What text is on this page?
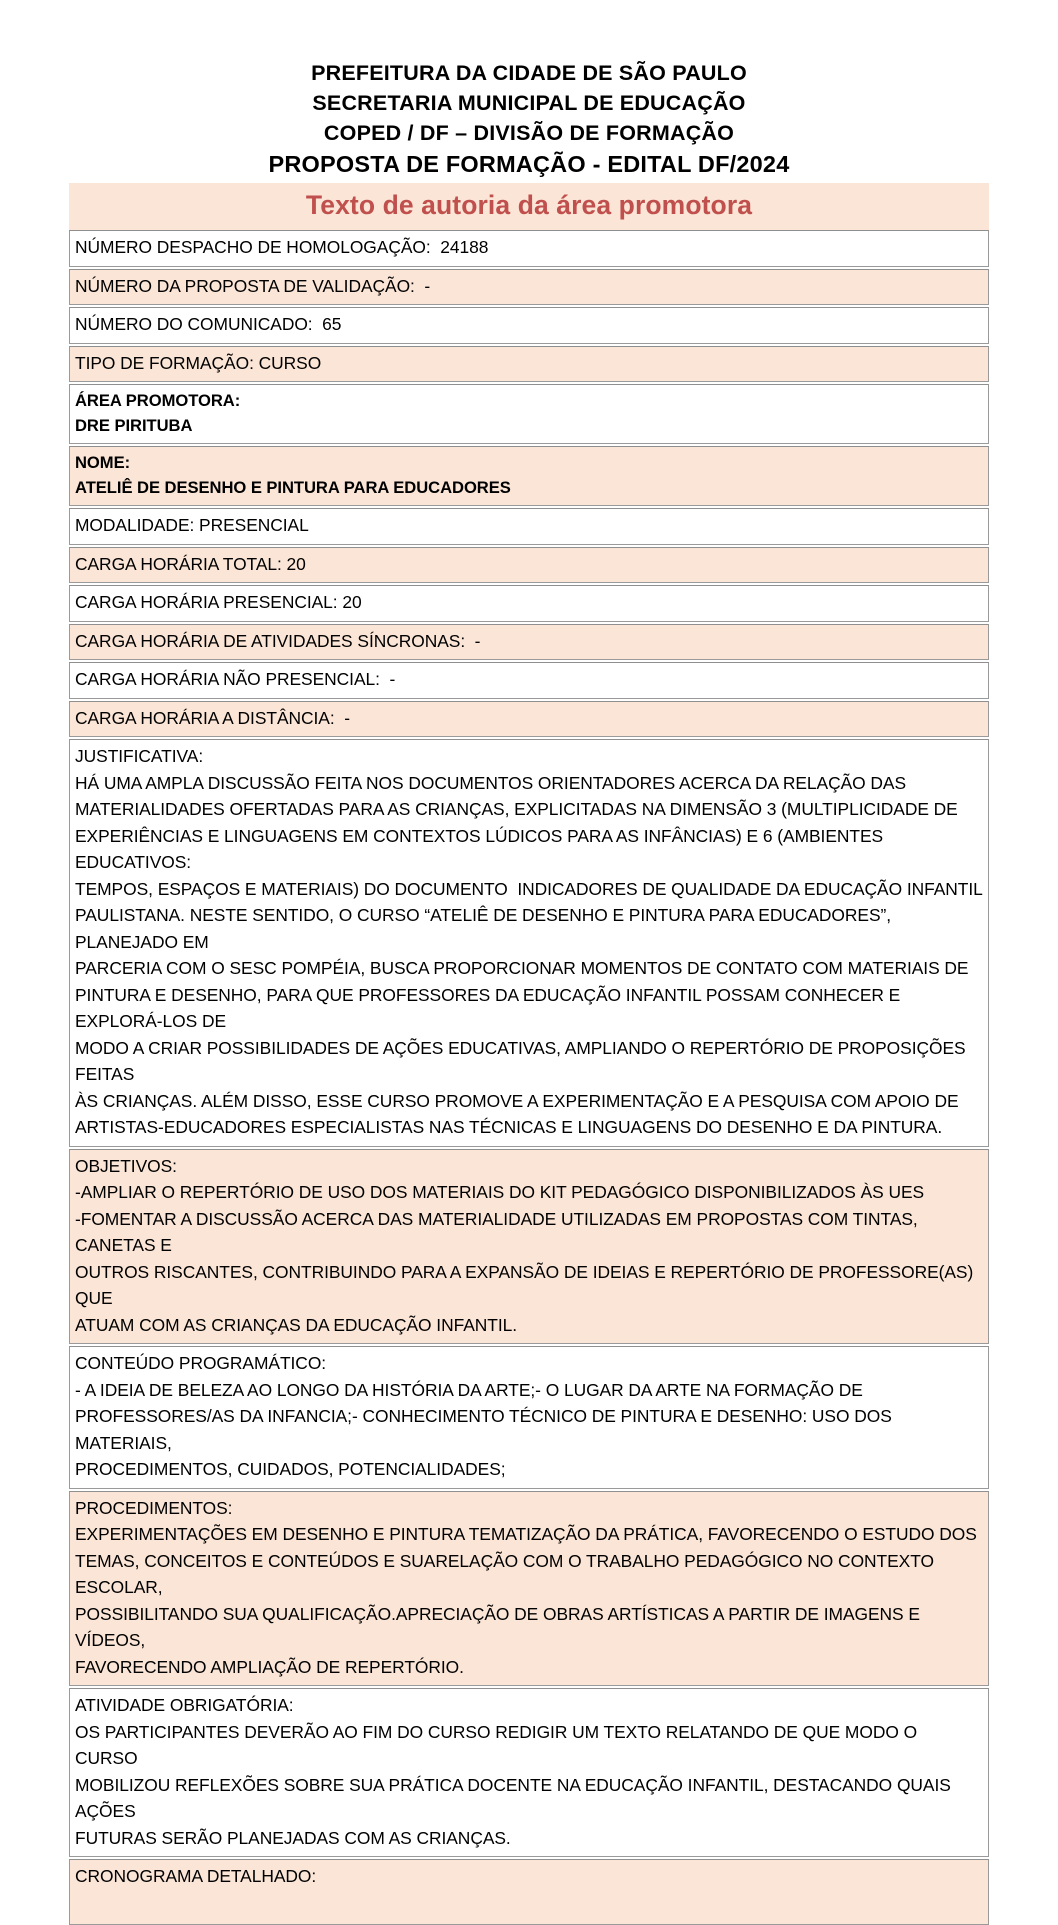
PREFEITURA DA CIDADE DE SÃO PAULO
SECRETARIA MUNICIPAL DE EDUCAÇÃO
COPED / DF – DIVISÃO DE FORMAÇÃO
PROPOSTA DE FORMAÇÃO - EDITAL DF/2024
Texto de autoria da área promotora
NÚMERO DESPACHO DE HOMOLOGAÇÃO:  24188
NÚMERO DA PROPOSTA DE VALIDAÇÃO:  -
NÚMERO DO COMUNICADO:  65
TIPO DE FORMAÇÃO: CURSO
ÁREA PROMOTORA:
DRE PIRITUBA
NOME:
ATELIÊ DE DESENHO E PINTURA PARA EDUCADORES
MODALIDADE: PRESENCIAL
CARGA HORÁRIA TOTAL: 20
CARGA HORÁRIA PRESENCIAL: 20
CARGA HORÁRIA DE ATIVIDADES SÍNCRONAS:  -
CARGA HORÁRIA NÃO PRESENCIAL:  -
CARGA HORÁRIA A DISTÂNCIA:  -
JUSTIFICATIVA:
HÁ UMA AMPLA DISCUSSÃO FEITA NOS DOCUMENTOS ORIENTADORES ACERCA DA RELAÇÃO DAS
MATERIALIDADES OFERTADAS PARA AS CRIANÇAS, EXPLICITADAS NA DIMENSÃO 3 (MULTIPLICIDADE DE
EXPERIÊNCIAS E LINGUAGENS EM CONTEXTOS LÚDICOS PARA AS INFÂNCIAS) E 6 (AMBIENTES EDUCATIVOS:
TEMPOS, ESPAÇOS E MATERIAIS) DO DOCUMENTO  INDICADORES DE QUALIDADE DA EDUCAÇÃO INFANTIL
PAULISTANA. NESTE SENTIDO, O CURSO “ATELIÊ DE DESENHO E PINTURA PARA EDUCADORES”, PLANEJADO EM
PARCERIA COM O SESC POMPÉIA, BUSCA PROPORCIONAR MOMENTOS DE CONTATO COM MATERIAIS DE
PINTURA E DESENHO, PARA QUE PROFESSORES DA EDUCAÇÃO INFANTIL POSSAM CONHECER E EXPLORÁ-LOS DE
MODO A CRIAR POSSIBILIDADES DE AÇÕES EDUCATIVAS, AMPLIANDO O REPERTÓRIO DE PROPOSIÇÕES FEITAS
ÀS CRIANÇAS. ALÉM DISSO, ESSE CURSO PROMOVE A EXPERIMENTAÇÃO E A PESQUISA COM APOIO DE
ARTISTAS-EDUCADORES ESPECIALISTAS NAS TÉCNICAS E LINGUAGENS DO DESENHO E DA PINTURA.
OBJETIVOS:
-AMPLIAR O REPERTÓRIO DE USO DOS MATERIAIS DO KIT PEDAGÓGICO DISPONIBILIZADOS ÀS UES
-FOMENTAR A DISCUSSÃO ACERCA DAS MATERIALIDADE UTILIZADAS EM PROPOSTAS COM TINTAS, CANETAS E
OUTROS RISCANTES, CONTRIBUINDO PARA A EXPANSÃO DE IDEIAS E REPERTÓRIO DE PROFESSORE(AS) QUE
ATUAM COM AS CRIANÇAS DA EDUCAÇÃO INFANTIL.
CONTEÚDO PROGRAMÁTICO:
- A IDEIA DE BELEZA AO LONGO DA HISTÓRIA DA ARTE;- O LUGAR DA ARTE NA FORMAÇÃO DE
PROFESSORES/AS DA INFANCIA;- CONHECIMENTO TÉCNICO DE PINTURA E DESENHO: USO DOS MATERIAIS,
PROCEDIMENTOS, CUIDADOS, POTENCIALIDADES;
PROCEDIMENTOS:
EXPERIMENTAÇÕES EM DESENHO E PINTURA TEMATIZAÇÃO DA PRÁTICA, FAVORECENDO O ESTUDO DOS
TEMAS, CONCEITOS E CONTEÚDOS E SUARELAÇÃO COM O TRABALHO PEDAGÓGICO NO CONTEXTO ESCOLAR,
POSSIBILITANDO SUA QUALIFICAÇÃO.APRECIAÇÃO DE OBRAS ARTÍSTICAS A PARTIR DE IMAGENS E VÍDEOS,
FAVORECENDO AMPLIAÇÃO DE REPERTÓRIO.
ATIVIDADE OBRIGATÓRIA:
OS PARTICIPANTES DEVERÃO AO FIM DO CURSO REDIGIR UM TEXTO RELATANDO DE QUE MODO O CURSO
MOBILIZOU REFLEXÕES SOBRE SUA PRÁTICA DOCENTE NA EDUCAÇÃO INFANTIL, DESTACANDO QUAIS AÇÕES
FUTURAS SERÃO PLANEJADAS COM AS CRIANÇAS.
CRONOGRAMA DETALHADO:
